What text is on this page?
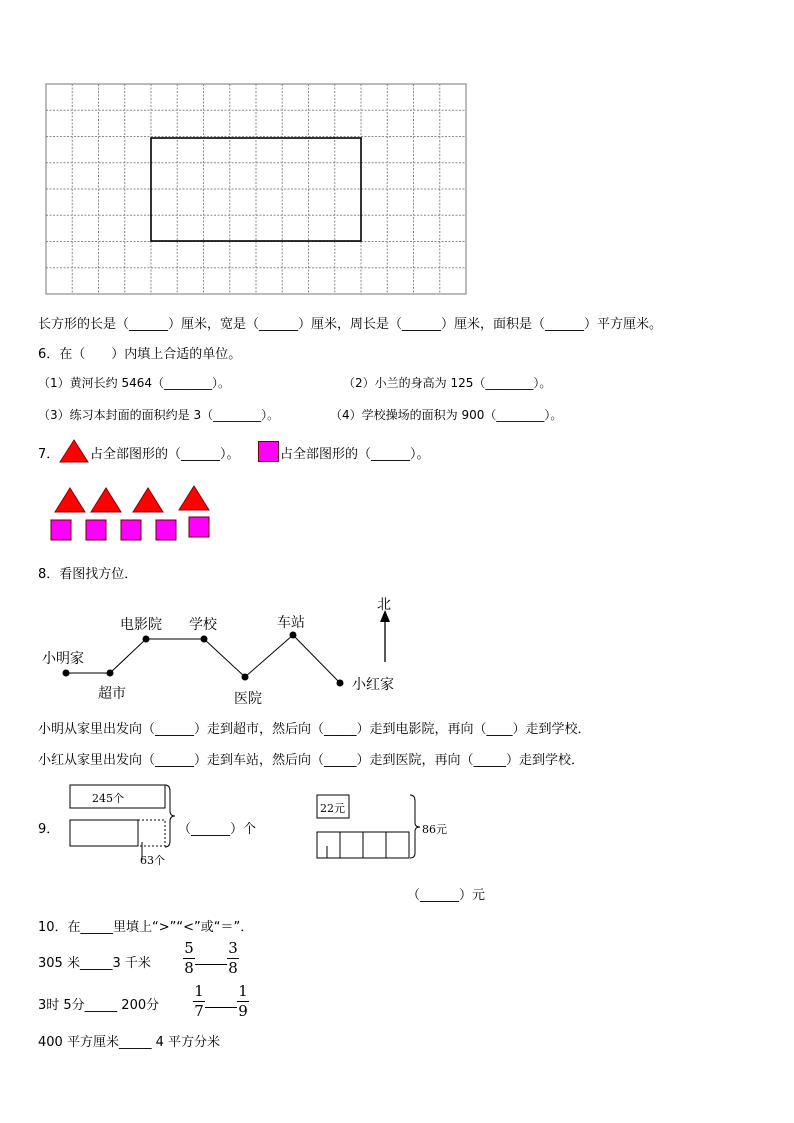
长方形的长是（______）厘米，宽是（______）厘米，周长是（______）厘米，面积是（______）平方厘米。
6．在（　　）内填上合适的单位。
（1）黄河长约 5464（________）。	（2）小兰的身高为 125（________）。
（3）练习本封面的面积约是 3（________）。	（4）学校操场的面积为 900（________）。
7． 占全部图形的（______）。	占全部图形的（______）。
8．看图找方位．
小明家
超市
电影院 学校
医院
车站
小红家
北
小明从家里出发向（______）走到超市，然后向（_____）走到电影院，再向（____）走到学校．
小红从家里出发向（______）走到车站，然后向（_____）走到医院，再向（_____）走到学校．
9．
245个
63个
（______）个
22元
86元
（______）元
10．在_____里填上“>”“<”或“＝”．
305 米_____3 千米
5
8
3
8
3时 5分_____ 200分
1
7
1
9
400 平方厘米_____ 4 平方分米
